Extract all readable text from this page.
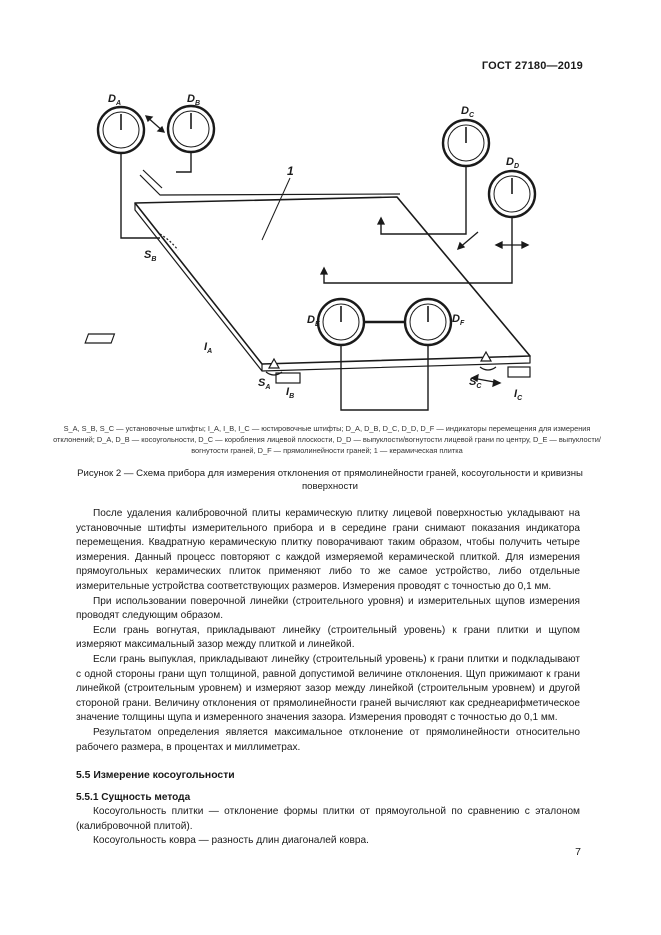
ГОСТ 27180—2019
$D_A$	$D_B$
$D_C$
$D_D$
$D_E$	$D_F$
$S_B$
$I_A$
$S_A$ $I_B$
$S_C$
$I_C$
1
S_A, S_B, S_C — установочные штифты; I_A, I_B, I_C — юстировочные штифты; D_A, D_B, D_C, D_D, D_F — индикаторы перемещения для измерения отклонений; D_A, D_B — косоугольности, D_C — коробления лицевой плоскости, D_D — выпуклости/вогнутости лицевой грани по центру, D_E — выпуклости/вогнутости граней, D_F — прямолинейности граней; 1 — керамическая плитка
Рисунок 2 — Схема прибора для измерения отклонения от прямолинейности граней, косоугольности и кривизны поверхности

После удаления калибровочной плиты керамическую плитку лицевой поверхностью укладывают на установочные штифты измерительного прибора и в середине грани снимают показания индикатора перемещения. Квадратную керамическую плитку поворачивают таким образом, чтобы получить четыре измерения. Данный процесс повторяют с каждой измеряемой керамической плиткой. Для измерения прямоугольных керамических плиток применяют либо то же самое устройство, либо отдельные измерительные устройства соответствующих размеров. Измерения проводят с точностью до 0,1 мм.

При использовании поверочной линейки (строительного уровня) и измерительных щупов измерения проводят следующим образом.

Если грань вогнутая, прикладывают линейку (строительный уровень) к грани плитки и щупом измеряют максимальный зазор между плиткой и линейкой.

Если грань выпуклая, прикладывают линейку (строительный уровень) к грани плитки и подкладывают с одной стороны грани щуп толщиной, равной допустимой величине отклонения. Щуп прижимают к грани линейкой (строительным уровнем) и измеряют зазор между линейкой (строительным уровнем) и другой стороной грани. Величину отклонения от прямолинейности граней вычисляют как среднеарифметическое значение толщины щупа и измеренного значения зазора. Измерения проводят с точностью до 0,1 мм.

Результатом определения является максимальное отклонение от прямолинейности относительно рабочего размера, в процентах и миллиметрах.

5.5 Измерение косоугольности
5.5.1 Сущность метода

Косоугольность плитки — отклонение формы плитки от прямоугольной по сравнению с эталоном (калибровочной плитой).

Косоугольность ковра — разность длин диагоналей ковра.

7
